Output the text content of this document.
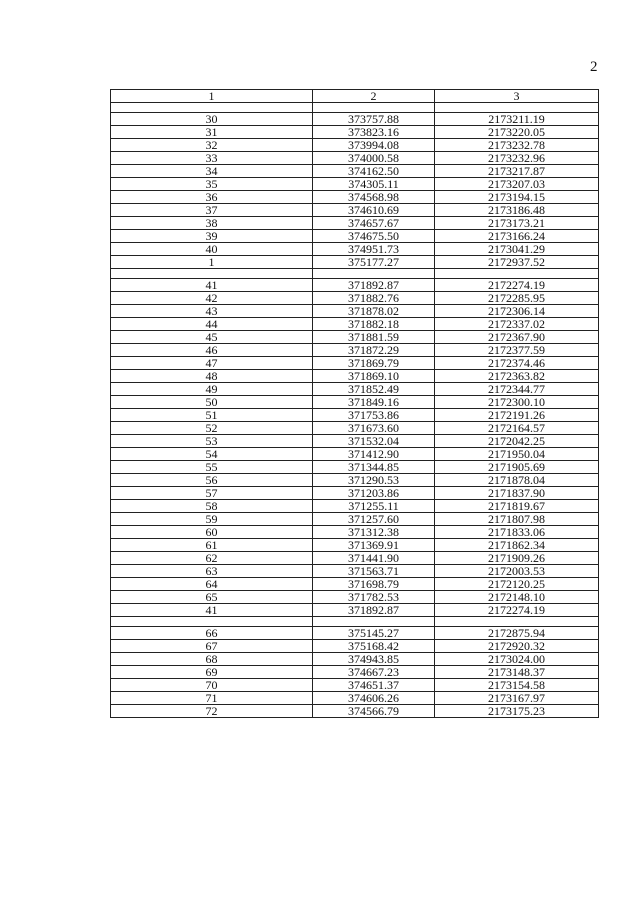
2
1	2	3

30	373757.88	2173211.19
31	373823.16	2173220.05
32	373994.08	2173232.78
33	374000.58	2173232.96
34	374162.50	2173217.87
35	374305.11	2173207.03
36	374568.98	2173194.15
37	374610.69	2173186.48
38	374657.67	2173173.21
39	374675.50	2173166.24
40	374951.73	2173041.29
1	375177.27	2172937.52

41	371892.87	2172274.19
42	371882.76	2172285.95
43	371878.02	2172306.14
44	371882.18	2172337.02
45	371881.59	2172367.90
46	371872.29	2172377.59
47	371869.79	2172374.46
48	371869.10	2172363.82
49	371852.49	2172344.77
50	371849.16	2172300.10
51	371753.86	2172191.26
52	371673.60	2172164.57
53	371532.04	2172042.25
54	371412.90	2171950.04
55	371344.85	2171905.69
56	371290.53	2171878.04
57	371203.86	2171837.90
58	371255.11	2171819.67
59	371257.60	2171807.98
60	371312.38	2171833.06
61	371369.91	2171862.34
62	371441.90	2171909.26
63	371563.71	2172003.53
64	371698.79	2172120.25
65	371782.53	2172148.10
41	371892.87	2172274.19

66	375145.27	2172875.94
67	375168.42	2172920.32
68	374943.85	2173024.00
69	374667.23	2173148.37
70	374651.37	2173154.58
71	374606.26	2173167.97
72	374566.79	2173175.23
